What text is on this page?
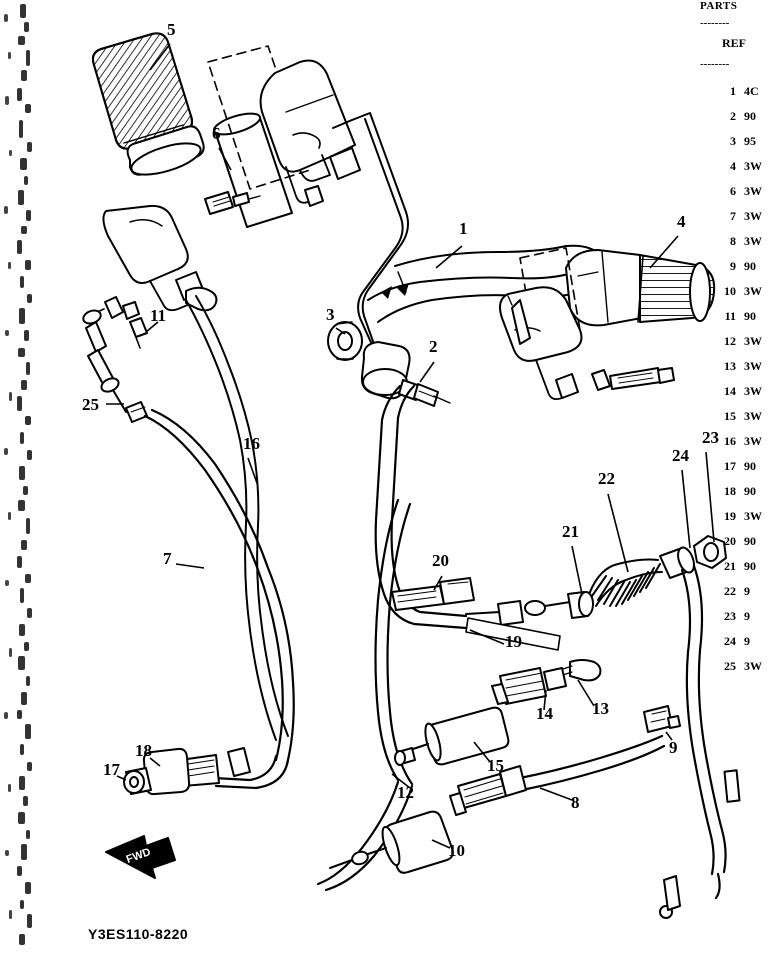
FWD
5
6
1	4
3
2
11
25
16	23
24
22
21
7	20
19
13
14
9
15
18
17
8
12
10
PARTS
--------
REF
--------
1 4C
2 90
3 95
4 3W
6 3W
7 3W
8 3W
9 90
10 3W
11 90
12 3W
13 3W
14 3W
15 3W
16 3W
17 90
18 90
19 3W
20 90
21 90
22 9
23 9
24 9
25 3W
Y3ES110-8220
